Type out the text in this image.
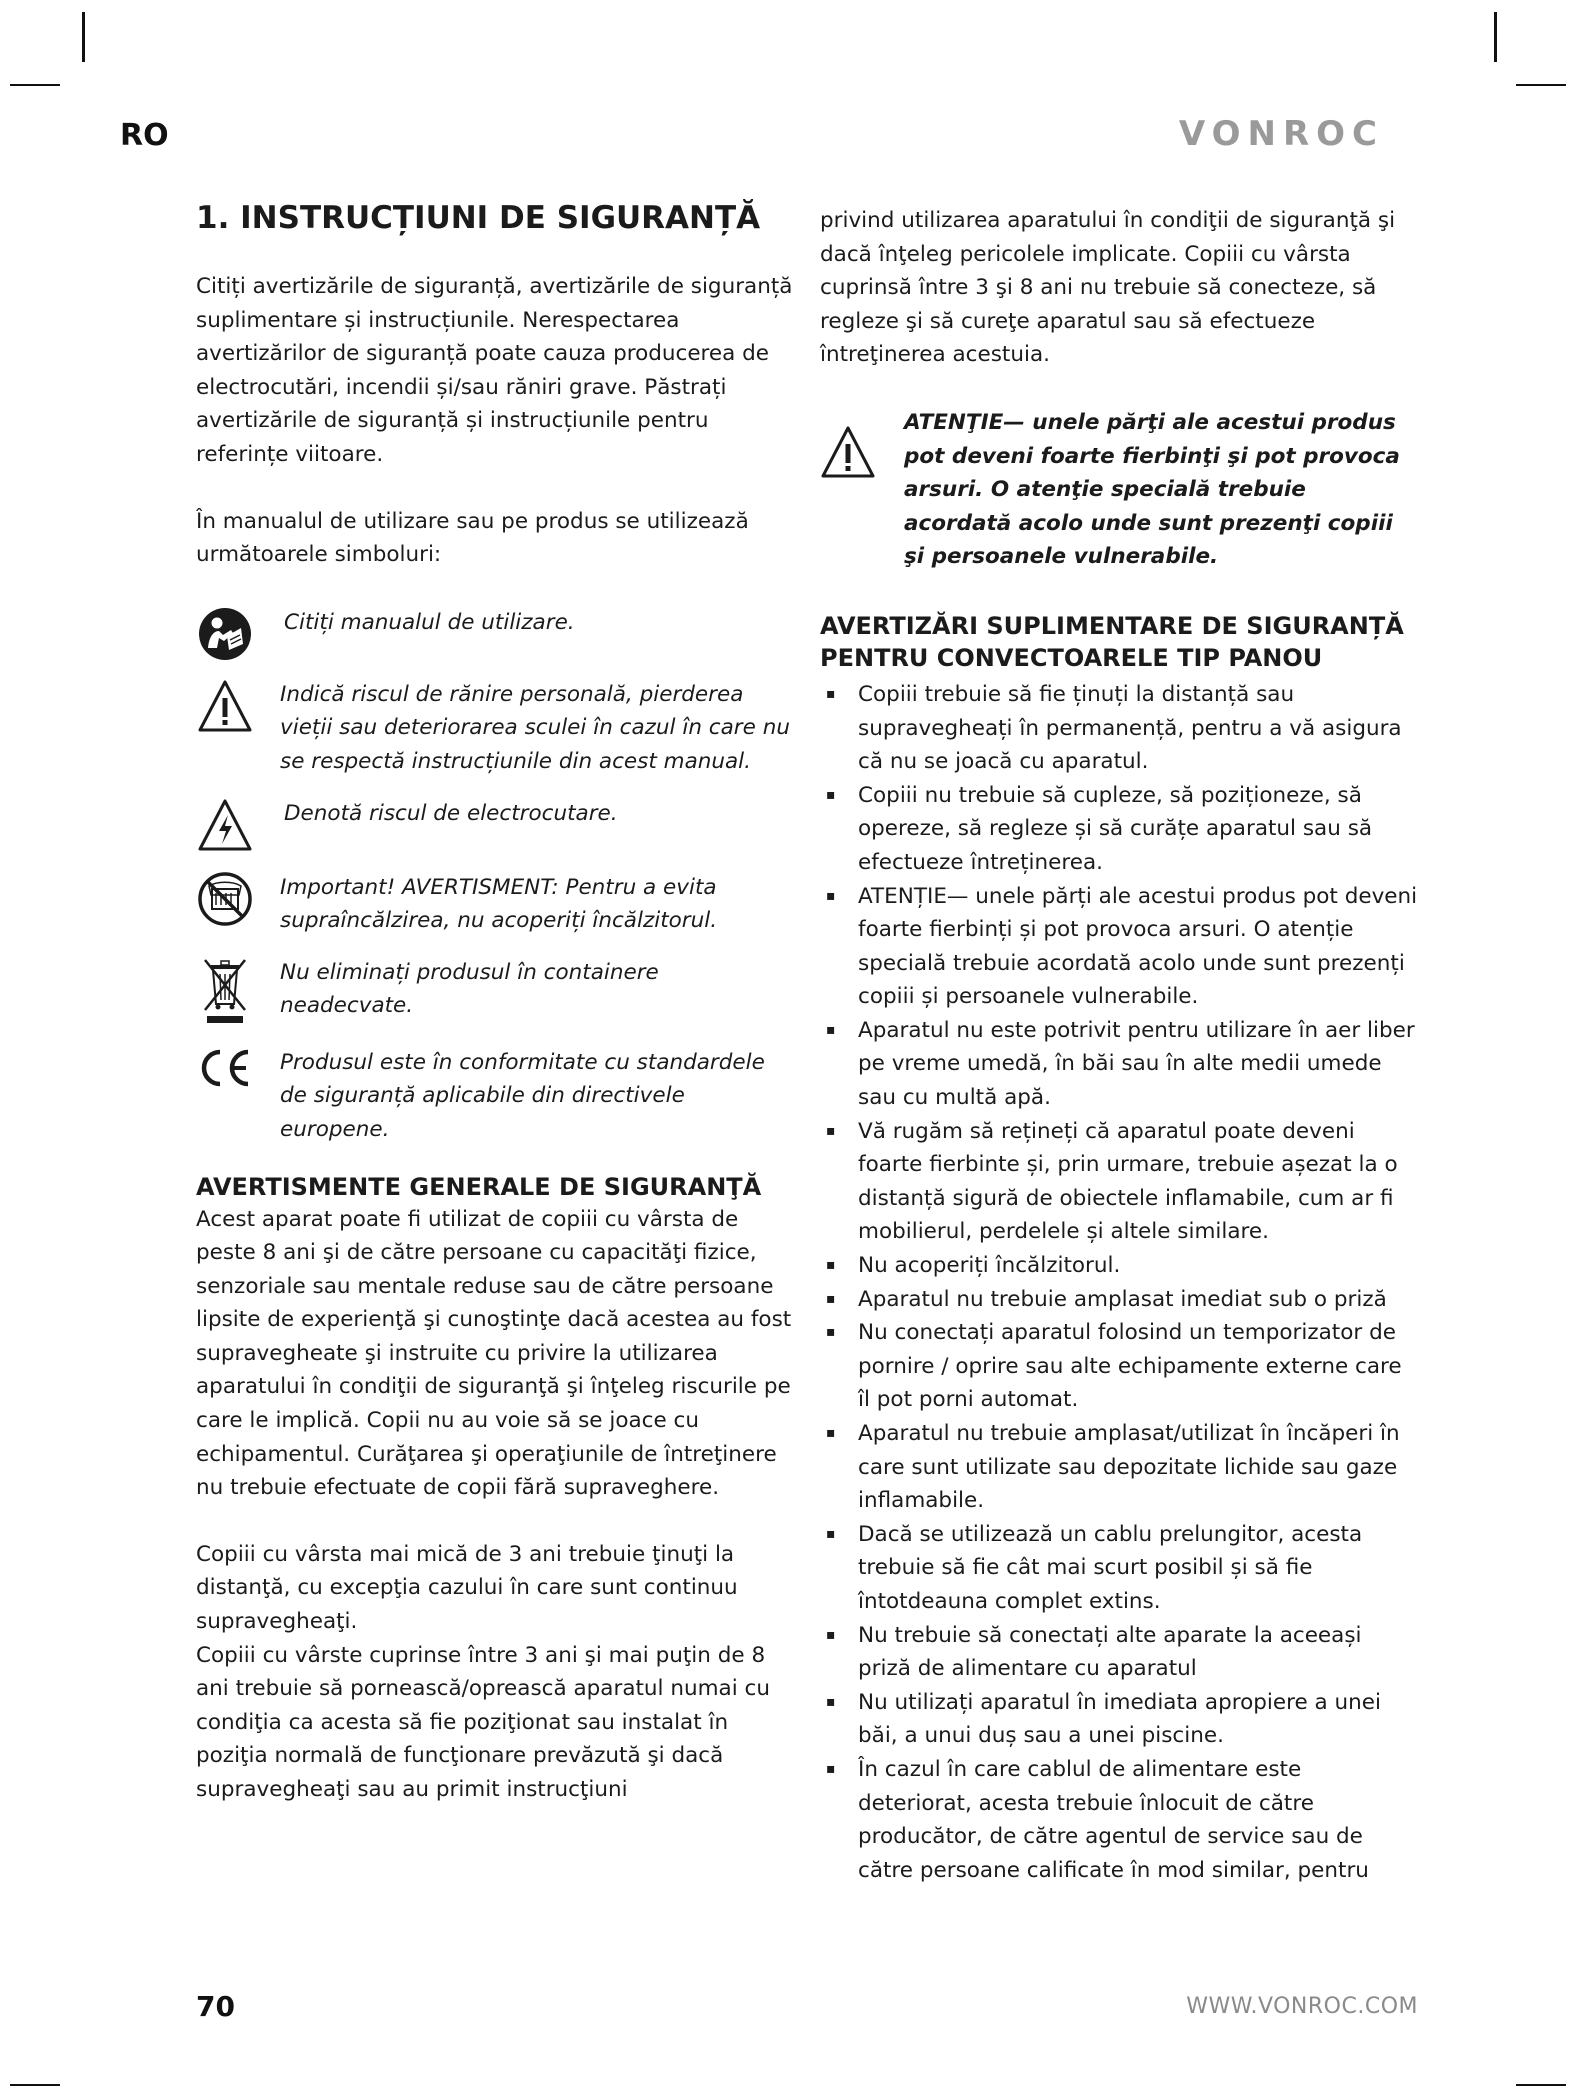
RO	VONROC
1. INSTRUCȚIUNI DE SIGURANȚĂ

Citiți avertizările de siguranță, avertizările de siguranță suplimentare și instrucțiunile. Nerespectarea avertizărilor de siguranță poate cauza producerea de electrocutări, incendii și/sau răniri grave. Păstrați avertizările de siguranță și instrucțiunile pentru referințe viitoare.

În manualul de utilizare sau pe produs se utilizează următoarele simboluri:

Citiți manualul de utilizare.
Indică riscul de rănire personală, pierderea vieții sau deteriorarea sculei în cazul în care nu se respectă instrucțiunile din acest manual.
Denotă riscul de electrocutare.
Important! AVERTISMENT: Pentru a evita supraîncălzirea, nu acoperiți încălzitorul.
Nu eliminați produsul în containere neadecvate.
Produsul este în conformitate cu standardele de siguranță aplicabile din directivele europene.
AVERTISMENTE GENERALE DE SIGURANŢĂ

Acest aparat poate fi utilizat de copiii cu vârsta de peste 8 ani şi de către persoane cu capacităţi fizice, senzoriale sau mentale reduse sau de către persoane lipsite de experienţă şi cunoştinţe dacă acestea au fost supravegheate şi instruite cu privire la utilizarea aparatului în condiţii de siguranţă şi înţeleg riscurile pe care le implică. Copii nu au voie să se joace cu echipamentul. Curăţarea şi operaţiunile de întreţinere nu trebuie efectuate de copii fără supraveghere.

Copiii cu vârsta mai mică de 3 ani trebuie ţinuţi la distanţă, cu excepţia cazului în care sunt continuu supravegheaţi.

Copiii cu vârste cuprinse între 3 ani şi mai puţin de 8 ani trebuie să pornească/oprească aparatul numai cu condiţia ca acesta să fie poziţionat sau instalat în poziţia normală de funcţionare prevăzută şi dacă supravegheaţi sau au primit instrucţiuni

privind utilizarea aparatului în condiţii de siguranţă şi dacă înţeleg pericolele implicate. Copiii cu vârsta cuprinsă între 3 şi 8 ani nu trebuie să conecteze, să regleze şi să cureţe aparatul sau să efectueze întreţinerea acestuia.

ATENŢIE— unele părţi ale acestui produs pot deveni foarte fierbinţi şi pot provoca arsuri. O atenţie specială trebuie acordată acolo unde sunt prezenţi copiii şi persoanele vulnerabile.
AVERTIZĂRI SUPLIMENTARE DE SIGURANȚĂ PENTRU CONVECTOARELE TIP PANOU
▪ Copiii trebuie să fie ținuți la distanță sau supravegheați în permanență, pentru a vă asigura că nu se joacă cu aparatul.
▪ Copiii nu trebuie să cupleze, să poziționeze, să opereze, să regleze și să curățe aparatul sau să efectueze întreținerea.
▪ ATENȚIE— unele părți ale acestui produs pot deveni foarte fierbinți și pot provoca arsuri. O atenție specială trebuie acordată acolo unde sunt prezenți copiii și persoanele vulnerabile.
▪ Aparatul nu este potrivit pentru utilizare în aer liber pe vreme umedă, în băi sau în alte medii umede sau cu multă apă.
▪ Vă rugăm să rețineți că aparatul poate deveni foarte fierbinte și, prin urmare, trebuie așezat la o distanță sigură de obiectele inflamabile, cum ar fi mobilierul, perdelele și altele similare.
▪ Nu acoperiți încălzitorul.
▪ Aparatul nu trebuie amplasat imediat sub o priză
▪ Nu conectați aparatul folosind un temporizator de pornire / oprire sau alte echipamente externe care îl pot porni automat.
▪ Aparatul nu trebuie amplasat/utilizat în încăperi în care sunt utilizate sau depozitate lichide sau gaze inflamabile.
▪ Dacă se utilizează un cablu prelungitor, acesta trebuie să fie cât mai scurt posibil și să fie întotdeauna complet extins.
▪ Nu trebuie să conectați alte aparate la aceeași priză de alimentare cu aparatul
▪ Nu utilizați aparatul în imediata apropiere a unei băi, a unui duș sau a unei piscine.
▪ În cazul în care cablul de alimentare este deteriorat, acesta trebuie înlocuit de către producător, de către agentul de service sau de către persoane calificate în mod similar, pentru
70	WWW.VONROC.COM
